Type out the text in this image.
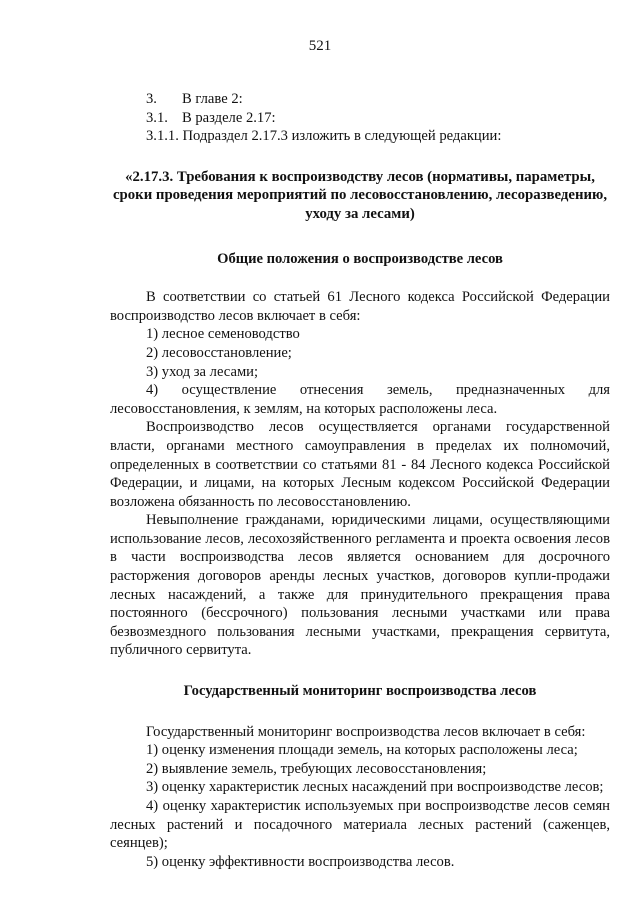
521
3. В главе 2:
3.1. В разделе 2.17:
3.1.1. Подраздел 2.17.3 изложить в следующей редакции:
«2.17.3. Требования к воспроизводству лесов (нормативы, параметры, сроки проведения мероприятий по лесовосстановлению, лесоразведению, уходу за лесами)
Общие положения о воспроизводстве лесов

В соответствии со статьей 61 Лесного кодекса Российской Федерации воспроизводство лесов включает в себя:

1) лесное семеноводство

2) лесовосстановление;

3) уход за лесами;

4) осуществление отнесения земель, предназначенных для лесовосстановления, к землям, на которых расположены леса.

Воспроизводство лесов осуществляется органами государственной власти, органами местного самоуправления в пределах их полномочий, определенных в соответствии со статьями 81 - 84 Лесного кодекса Российской Федерации, и лицами, на которых Лесным кодексом Российской Федерации возложена обязанность по лесовосстановлению.

Невыполнение гражданами, юридическими лицами, осуществляющими использование лесов, лесохозяйственного регламента и проекта освоения лесов в части воспроизводства лесов является основанием для досрочного расторжения договоров аренды лесных участков, договоров купли-продажи лесных насаждений, а также для принудительного прекращения права постоянного (бессрочного) пользования лесными участками или права безвозмездного пользования лесными участками, прекращения сервитута, публичного сервитута.

Государственный мониторинг воспроизводства лесов

Государственный мониторинг воспроизводства лесов включает в себя:

1) оценку изменения площади земель, на которых расположены леса;

2) выявление земель, требующих лесовосстановления;

3) оценку характеристик лесных насаждений при воспроизводстве лесов;

4) оценку характеристик используемых при воспроизводстве лесов семян лесных растений и посадочного материала лесных растений (саженцев, сеянцев);

5) оценку эффективности воспроизводства лесов.
